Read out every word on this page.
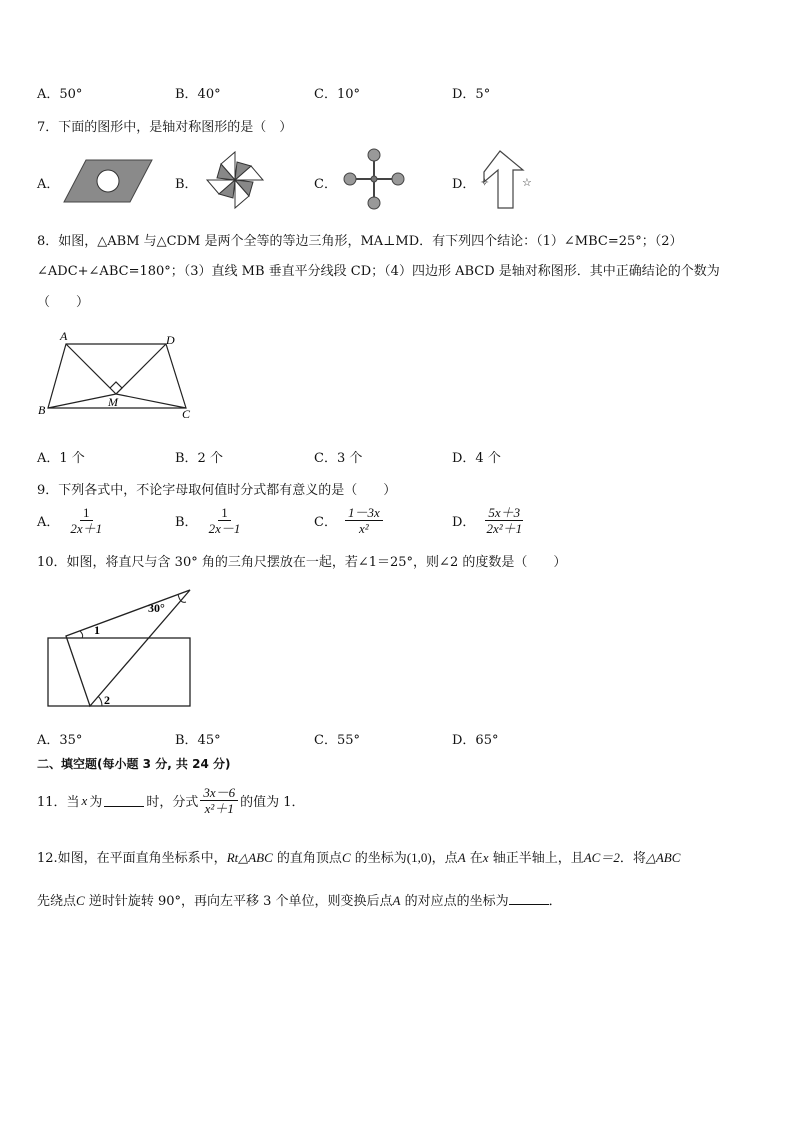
A．50°	B．40°	C．10°	D．5°
7．下面的图形中，是轴对称图形的是（　）
A．	B．	C．	D． ✧	☆
8．如图，△ABM 与△CDM 是两个全等的等边三角形，MA⊥MD．有下列四个结论：（1）∠MBC=25°；（2）
∠ADC+∠ABC=180°；（3）直线 MB 垂直平分线段 CD；（4）四边形 ABCD 是轴对称图形．其中正确结论的个数为
（　　）
A	D
B	C
M
A．1 个	B．2 个	C．3 个	D．4 个
9．下列各式中，不论字母取何值时分式都有意义的是（　　）
A． $\frac{1}{2x+1}$	B． $\frac{1}{2x-1}$	C． $\frac{1-3x}{\text{x²}}$	D． $\frac{5x+3}{\text{2x²＋1}}$
10．如图，将直尺与含 30° 角的三角尺摆放在一起，若∠1＝25°，则∠2 的度数是（　　）
30°
1
2
A．35°	B．45°	C．55°	D．65°
二、填空题(每小题 3 分, 共 24 分)
11．当 x 为	时，分式 $\frac{3x-6}{\text{x²＋1}}$ 的值为 1．
12.如图，在平面直角坐标系中，Rt△ABC 的直角顶点C 的坐标为(1,0)，点A 在x 轴正半轴上，且AC＝2．将△ABC
先绕点C 逆时针旋转 90°，再向左平移 3 个单位，则变换后点A 的对应点的坐标为	．
